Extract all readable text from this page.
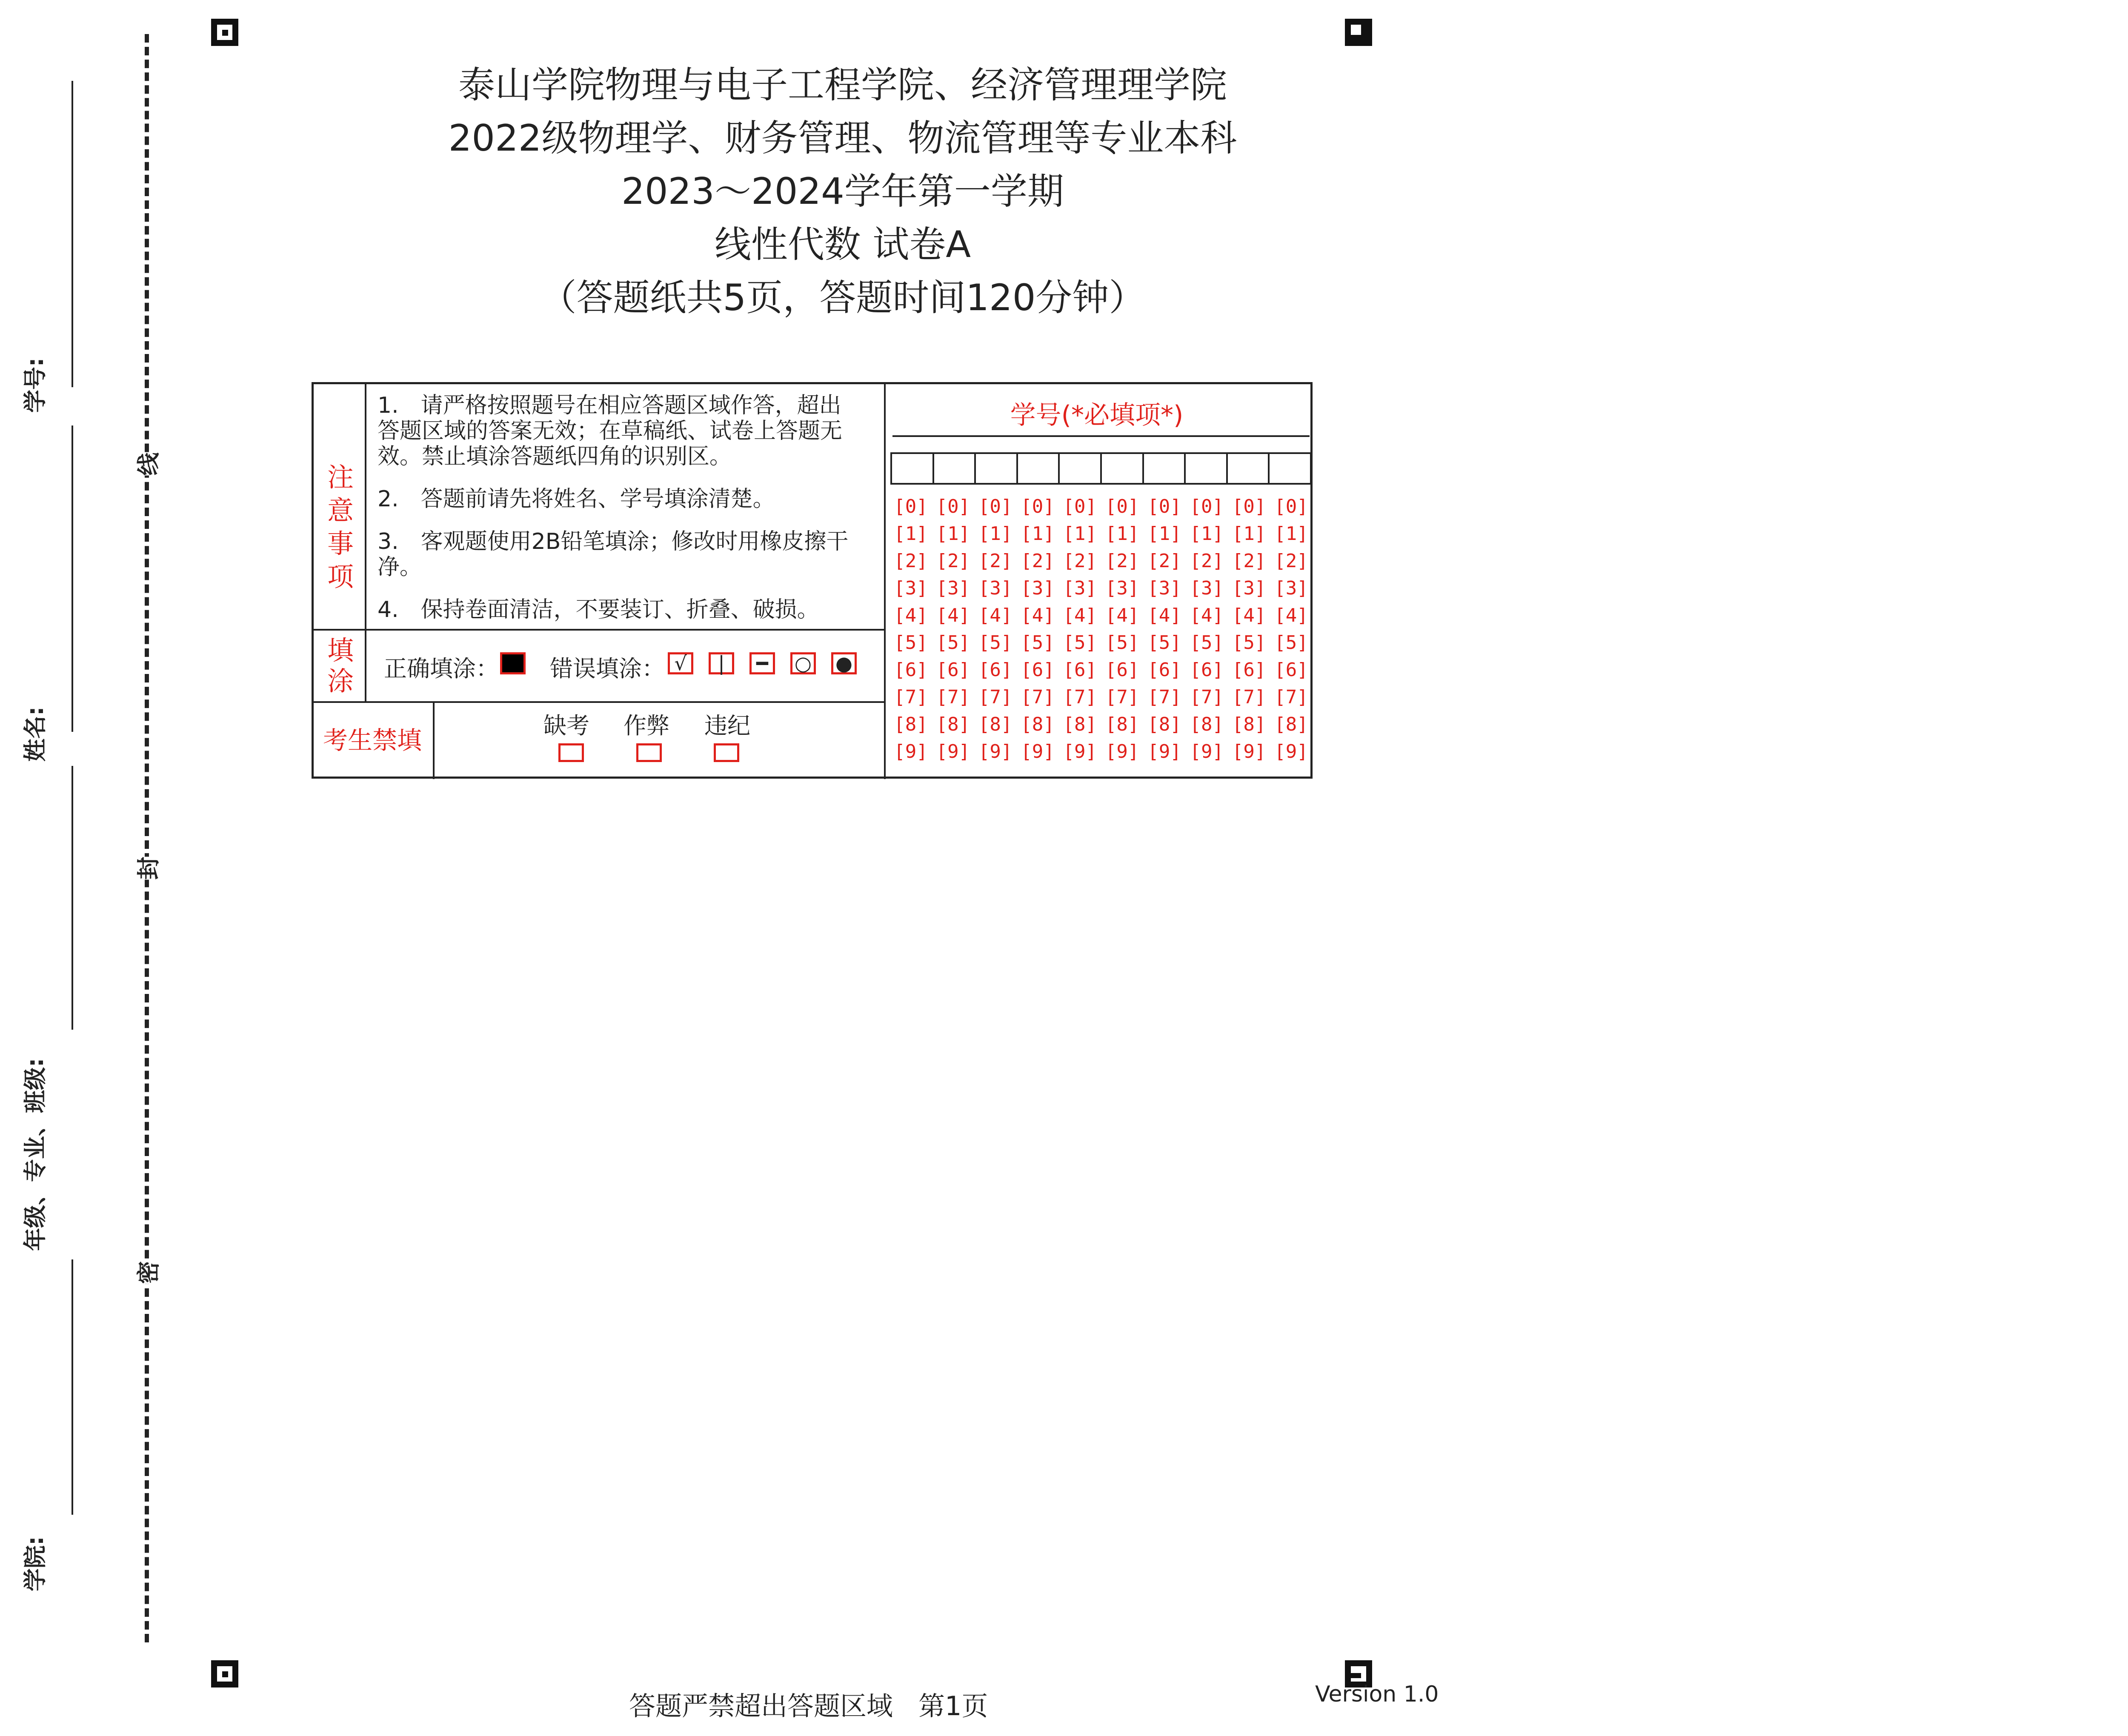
线
封
密
学号:
姓名:
年级、专业、班级:
学院:
泰山学院物理与电子工程学院、经济管理理学院
2022级物理学、财务管理、物流管理等专业本科
2023～2024学年第一学期
线性代数 试卷A
（答题纸共5页，答题时间120分钟）
注意事项
1.　请严格按照题号在相应答题区域作答，超出答题区域的答案无效；在草稿纸、试卷上答题无效。禁止填涂答题纸四角的识别区。
2.　答题前请先将姓名、学号填涂清楚。
3.　客观题使用2B铅笔填涂；修改时用橡皮擦干净。
4.　保持卷面清洁，不要装订、折叠、破损。
填涂 正确填涂： 错误填涂： √	|	━ ○ ●
考生禁填
缺考 作弊 违纪
学号(*必填项*)
[0] [0] [0] [0] [0] [0] [0] [0] [0] [0]
[1] [1] [1] [1] [1] [1] [1] [1] [1] [1]
[2] [2] [2] [2] [2] [2] [2] [2] [2] [2]
[3] [3] [3] [3] [3] [3] [3] [3] [3] [3]
[4] [4] [4] [4] [4] [4] [4] [4] [4] [4]
[5] [5] [5] [5] [5] [5] [5] [5] [5] [5]
[6] [6] [6] [6] [6] [6] [6] [6] [6] [6]
[7] [7] [7] [7] [7] [7] [7] [7] [7] [7]
[8] [8] [8] [8] [8] [8] [8] [8] [8] [8]
[9] [9] [9] [9] [9] [9] [9] [9] [9] [9]
答题严禁超出答题区域 第1页	Version 1.0
